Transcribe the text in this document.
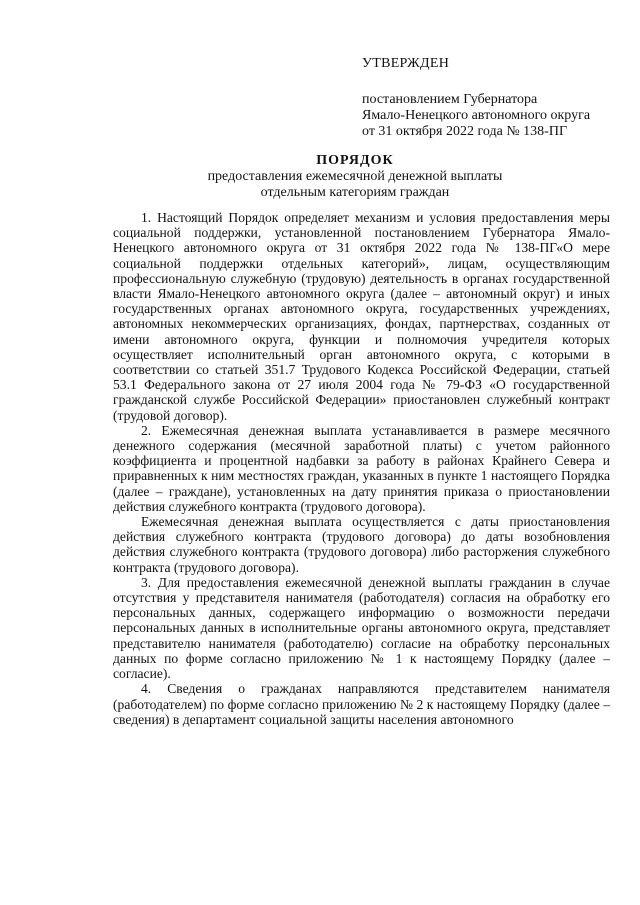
УТВЕРЖДЕН
постановлением Губернатора
Ямало-Ненецкого автономного округа
от 31 октября 2022 года № 138-ПГ
ПОРЯДОК
предоставления ежемесячной денежной выплаты
отдельным категориям граждан

1. Настоящий Порядок определяет механизм и условия предоставления меры социальной поддержки, установленной постановлением Губернатора Ямало-Ненецкого автономного округа от 31 октября 2022 года № 138-ПГ«О мере социальной поддержки отдельных категорий», лицам, осуществляющим профессиональную служебную (трудовую) деятельность в органах государственной власти Ямало-Ненецкого автономного округа (далее – автономный округ) и иных государственных органах автономного округа, государственных учреждениях, автономных некоммерческих организациях, фондах, партнерствах, созданных от имени автономного округа, функции и полномочия учредителя которых осуществляет исполнительный орган автономного округа, с которыми в соответствии со статьей 351.7 Трудового Кодекса Российской Федерации, статьей 53.1 Федерального закона от 27 июля 2004 года № 79-ФЗ «О государственной гражданской службе Российской Федерации» приостановлен служебный контракт (трудовой договор).

2. Ежемесячная денежная выплата устанавливается в размере месячного денежного содержания (месячной заработной платы) с учетом районного коэффициента и процентной надбавки за работу в районах Крайнего Севера и приравненных к ним местностях граждан, указанных в пункте 1 настоящего Порядка (далее – граждане), установленных на дату принятия приказа о приостановлении действия служебного контракта (трудового договора).

Ежемесячная денежная выплата осуществляется с даты приостановления действия служебного контракта (трудового договора) до даты возобновления действия служебного контракта (трудового договора) либо расторжения служебного контракта (трудового договора).

3. Для предоставления ежемесячной денежной выплаты гражданин в случае отсутствия у представителя нанимателя (работодателя) согласия на обработку его персональных данных, содержащего информацию о возможности передачи персональных данных в исполнительные органы автономного округа, представляет представителю нанимателя (работодателю) согласие на обработку персональных данных по форме согласно приложению № 1 к настоящему Порядку (далее – согласие).

4. Сведения о гражданах направляются представителем нанимателя (работодателем) по форме согласно приложению № 2 к настоящему Порядку (далее – сведения) в департамент социальной защиты населения автономного
